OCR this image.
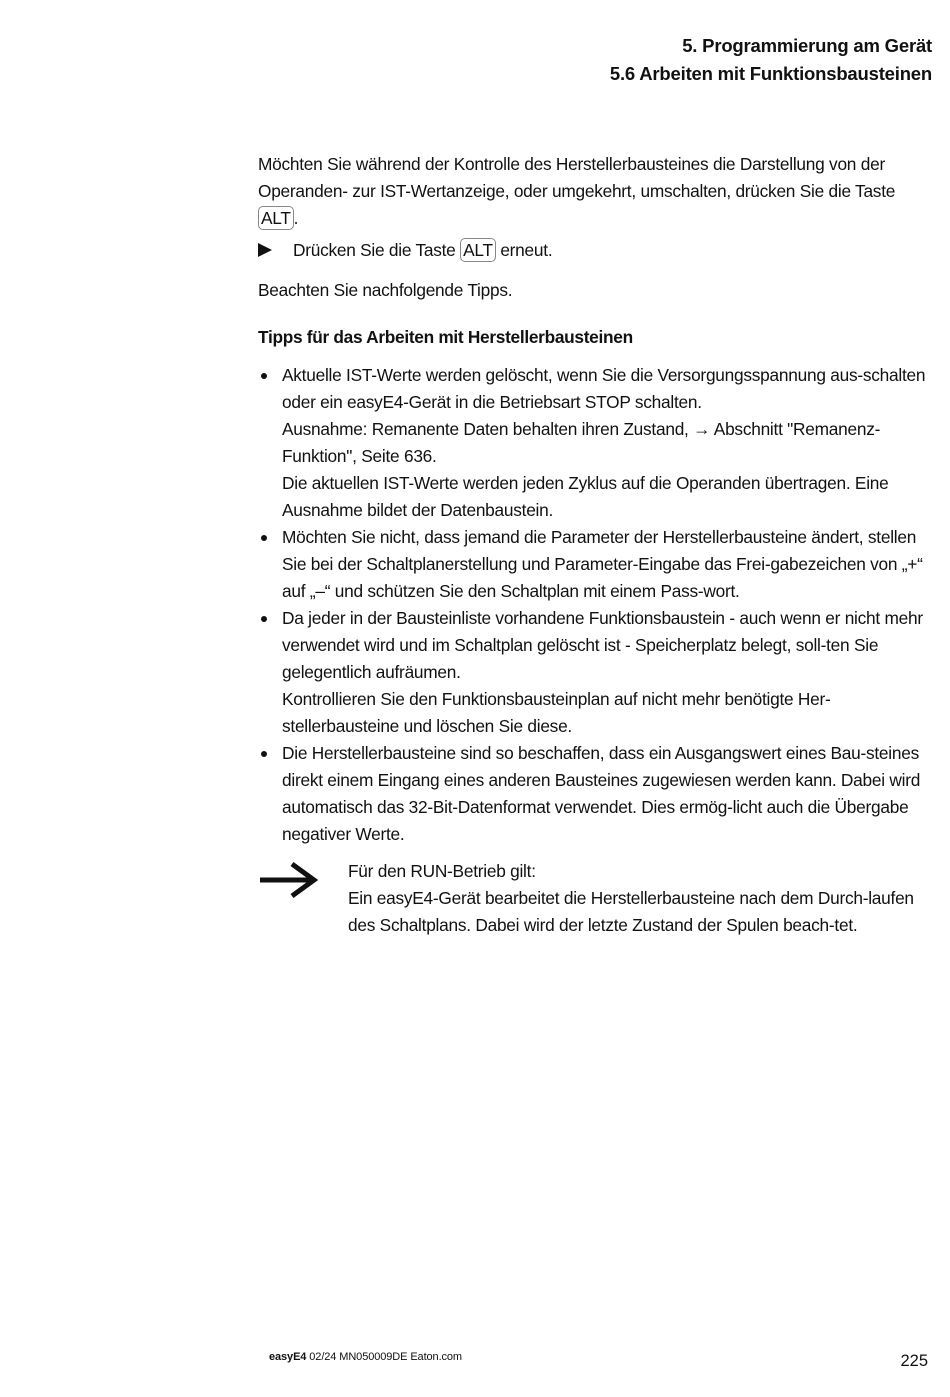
5. Programmierung am Gerät
5.6 Arbeiten mit Funktionsbausteinen

Möchten Sie während der Kontrolle des Herstellerbausteines die Darstellung von der Operanden- zur IST-Wertanzeige, oder umgekehrt, umschalten, drücken Sie die Taste ALT .

Drücken Sie die Taste ALT erneut.

Beachten Sie nachfolgende Tipps.

Tipps für das Arbeiten mit Herstellerbausteinen

Aktuelle IST-Werte werden gelöscht, wenn Sie die Versorgungsspannung aus-schalten oder ein easyE4-Gerät in die Betriebsart STOP schalten.

Ausnahme: Remanente Daten behalten ihren Zustand, → Abschnitt "Remanenz-Funktion", Seite 636.

Die aktuellen IST-Werte werden jeden Zyklus auf die Operanden übertragen. Eine Ausnahme bildet der Datenbaustein.

Möchten Sie nicht, dass jemand die Parameter der Herstellerbausteine ändert, stellen Sie bei der Schaltplanerstellung und Parameter-Eingabe das Frei-gabezeichen von „+“ auf „–“ und schützen Sie den Schaltplan mit einem Pass-wort.

Da jeder in der Bausteinliste vorhandene Funktionsbaustein - auch wenn er nicht mehr verwendet wird und im Schaltplan gelöscht ist - Speicherplatz belegt, soll-ten Sie gelegentlich aufräumen.

Kontrollieren Sie den Funktionsbausteinplan auf nicht mehr benötigte Her-stellerbausteine und löschen Sie diese.

Die Herstellerbausteine sind so beschaffen, dass ein Ausgangswert eines Bau-steines direkt einem Eingang eines anderen Bausteines zugewiesen werden kann. Dabei wird automatisch das 32-Bit-Datenformat verwendet. Dies ermög-licht auch die Übergabe negativer Werte.

Für den RUN-Betrieb gilt:

Ein easyE4-Gerät bearbeitet die Herstellerbausteine nach dem Durch-laufen des Schaltplans. Dabei wird der letzte Zustand der Spulen beach-tet.

easyE4 02/24 MN050009DE Eaton.com	225
